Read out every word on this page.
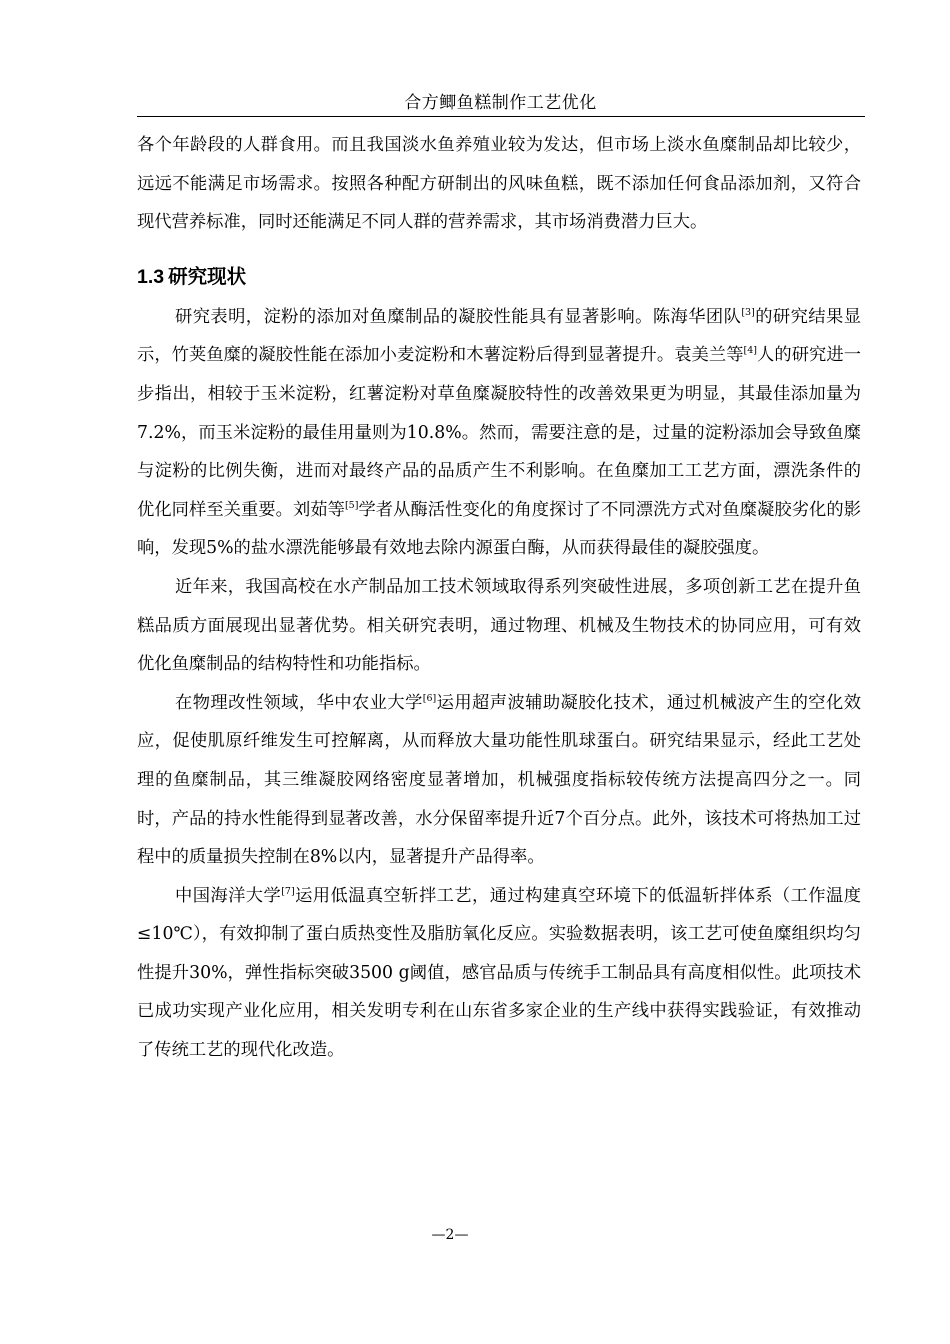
合方鲫鱼糕制作工艺优化

各个年龄段的人群食用。而且我国淡水鱼养殖业较为发达，但市场上淡水鱼糜制品却比较少，远远不能满足市场需求。按照各种配方研制出的风味鱼糕，既不添加任何食品添加剂，又符合现代营养标准，同时还能满足不同人群的营养需求，其市场消费潜力巨大。

1.3 研究现状

研究表明，淀粉的添加对鱼糜制品的凝胶性能具有显著影响。陈海华团队[3]的研究结果显示，竹荚鱼糜的凝胶性能在添加小麦淀粉和木薯淀粉后得到显著提升。袁美兰等[4]人的研究进一步指出，相较于玉米淀粉，红薯淀粉对草鱼糜凝胶特性的改善效果更为明显，其最佳添加量为7.2%，而玉米淀粉的最佳用量则为10.8%。然而，需要注意的是，过量的淀粉添加会导致鱼糜与淀粉的比例失衡，进而对最终产品的品质产生不利影响。在鱼糜加工工艺方面，漂洗条件的优化同样至关重要。刘茹等[5]学者从酶活性变化的角度探讨了不同漂洗方式对鱼糜凝胶劣化的影响，发现5%的盐水漂洗能够最有效地去除内源蛋白酶，从而获得最佳的凝胶强度。

近年来，我国高校在水产制品加工技术领域取得系列突破性进展，多项创新工艺在提升鱼糕品质方面展现出显著优势。相关研究表明，通过物理、机械及生物技术的协同应用，可有效优化鱼糜制品的结构特性和功能指标。

在物理改性领域，华中农业大学[6]运用超声波辅助凝胶化技术，通过机械波产生的空化效应，促使肌原纤维发生可控解离，从而释放大量功能性肌球蛋白。研究结果显示，经此工艺处理的鱼糜制品，其三维凝胶网络密度显著增加，机械强度指标较传统方法提高四分之一。同时，产品的持水性能得到显著改善，水分保留率提升近7个百分点。此外，该技术可将热加工过程中的质量损失控制在8%以内，显著提升产品得率。

中国海洋大学[7]运用低温真空斩拌工艺，通过构建真空环境下的低温斩拌体系（工作温度≤10℃），有效抑制了蛋白质热变性及脂肪氧化反应。实验数据表明，该工艺可使鱼糜组织均匀性提升30%，弹性指标突破3500 g阈值，感官品质与传统手工制品具有高度相似性。此项技术已成功实现产业化应用，相关发明专利在山东省多家企业的生产线中获得实践验证，有效推动了传统工艺的现代化改造。

—2—
